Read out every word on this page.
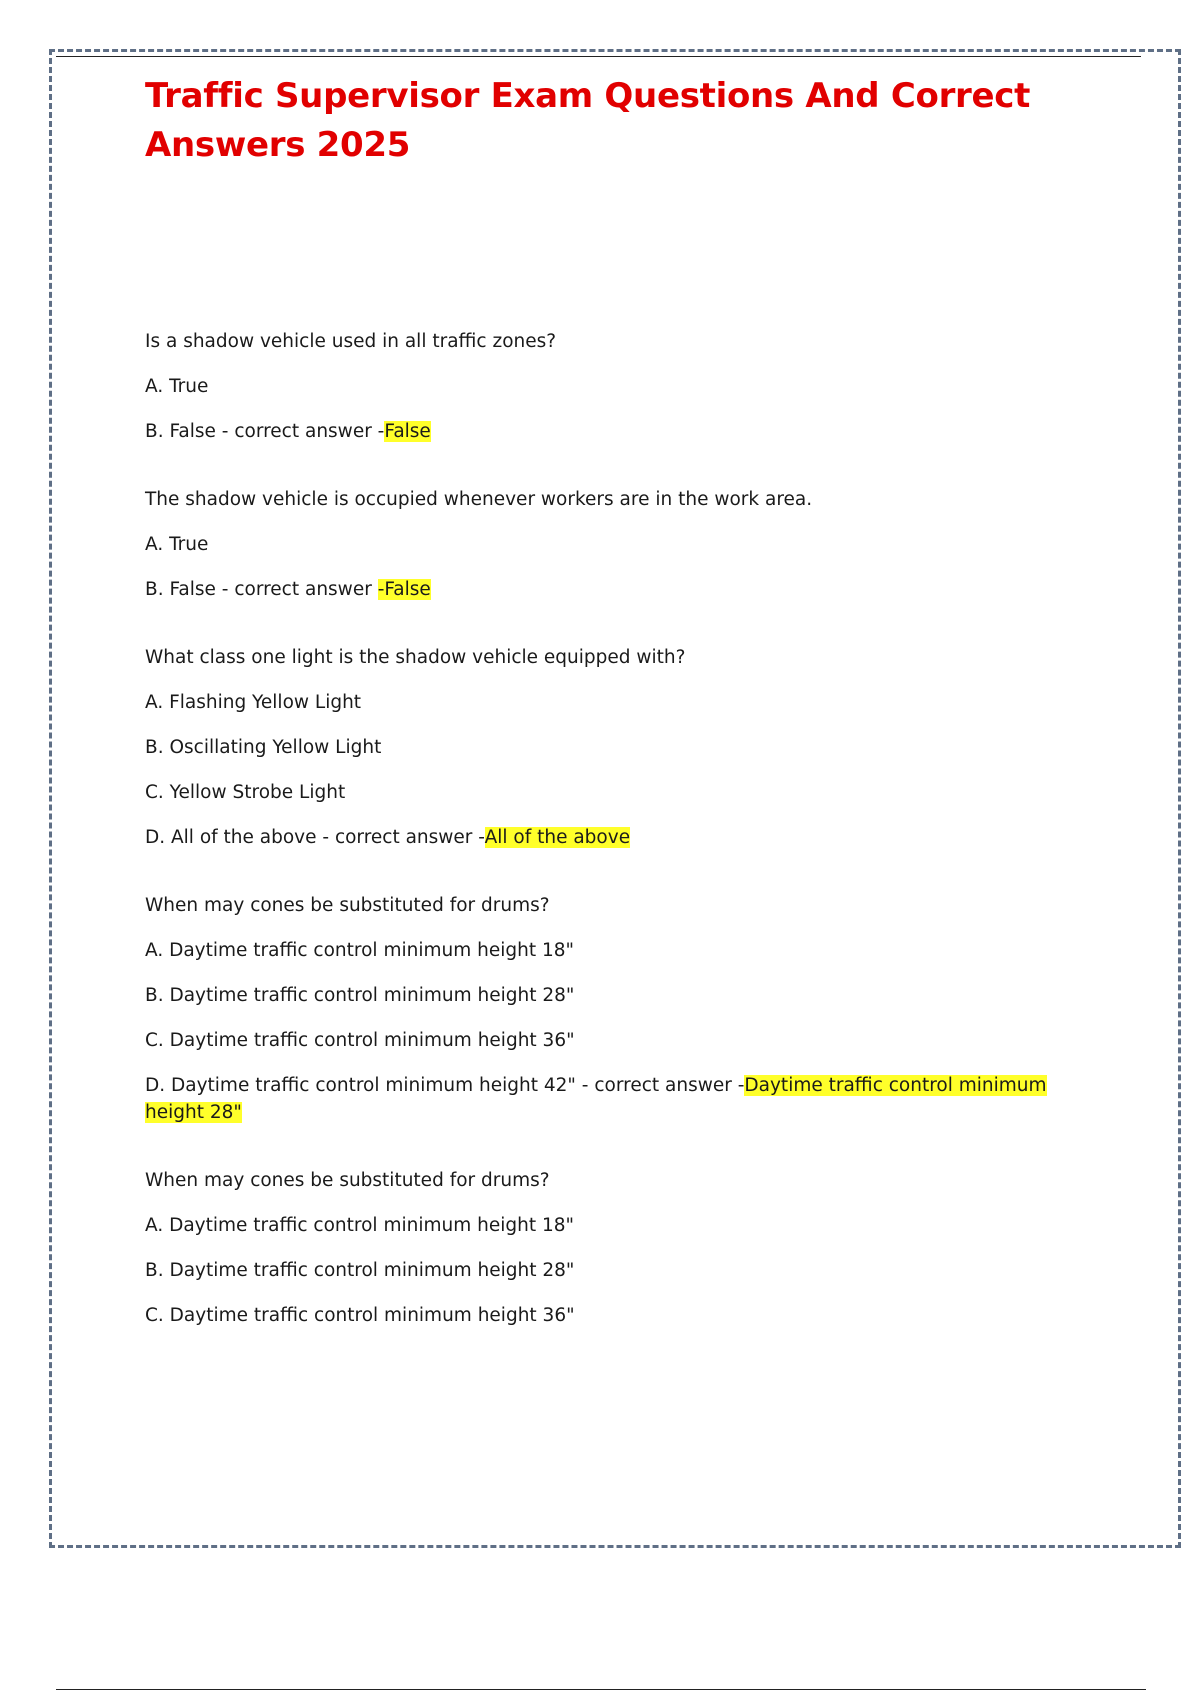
Traffic Supervisor Exam Questions And Correct Answers 2025
Is a shadow vehicle used in all traffic zones?
A. True
B. False - correct answer -False
The shadow vehicle is occupied whenever workers are in the work area.
A. True
B. False - correct answer -False
What class one light is the shadow vehicle equipped with?
A. Flashing Yellow Light
B. Oscillating Yellow Light
C. Yellow Strobe Light
D. All of the above - correct answer -All of the above
When may cones be substituted for drums?
A. Daytime traffic control minimum height 18"
B. Daytime traffic control minimum height 28"
C. Daytime traffic control minimum height 36"
D. Daytime traffic control minimum height 42" - correct answer -Daytime traffic control minimum height 28"
When may cones be substituted for drums?
A. Daytime traffic control minimum height 18"
B. Daytime traffic control minimum height 28"
C. Daytime traffic control minimum height 36"
